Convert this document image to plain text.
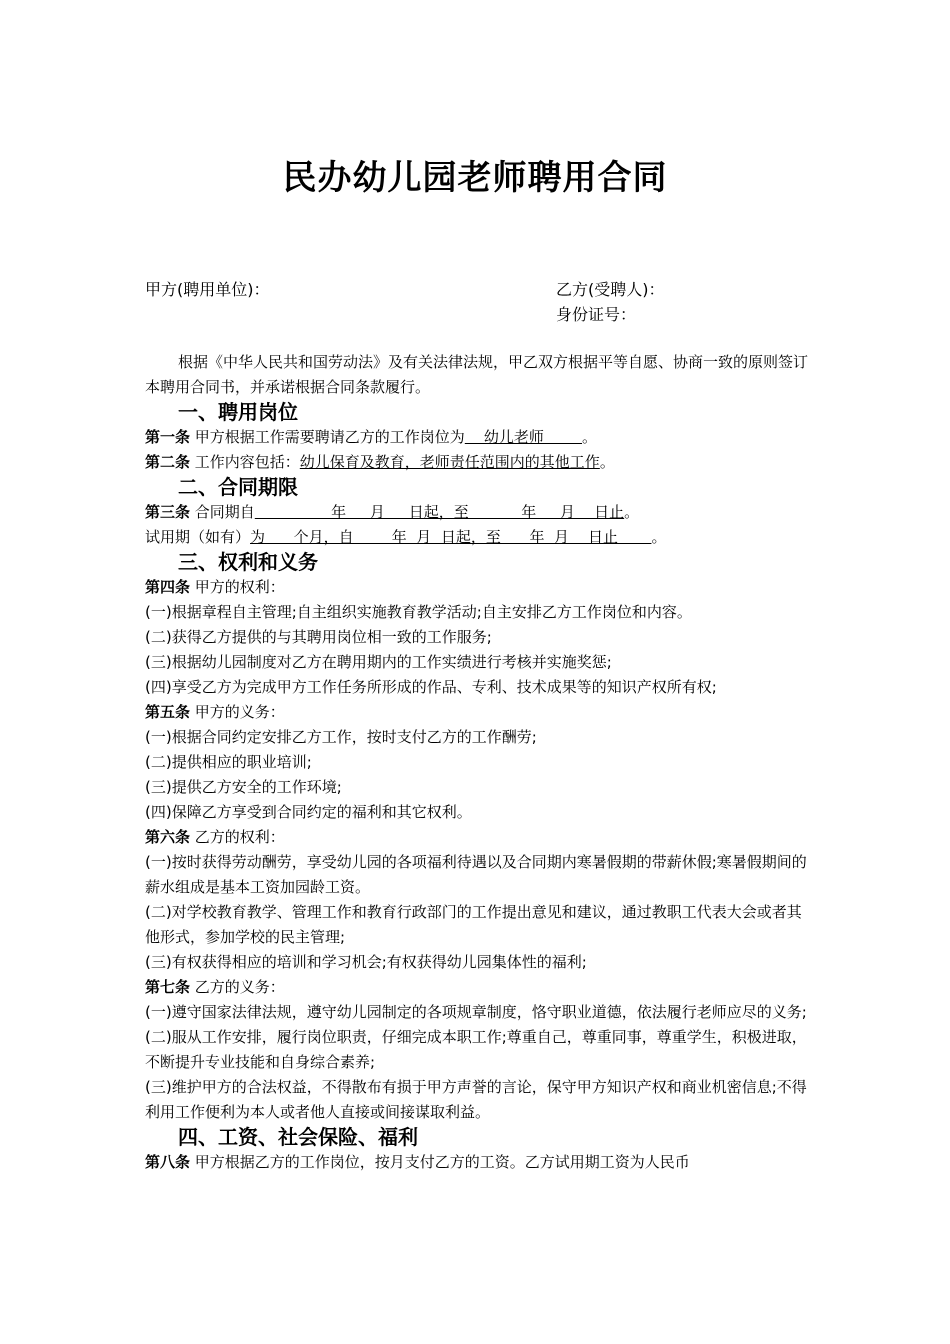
民办幼儿园老师聘用合同
甲方(聘用单位)：	乙方(受聘人)：
身份证号：
根据《中华人民共和国劳动法》及有关法律法规，甲乙双方根据平等自愿、协商一致的原则签订本聘用合同书，并承诺根据合同条款履行。
一、聘用岗位
第一条 甲方根据工作需要聘请乙方的工作岗位为    幼儿老师        。
第二条 工作内容包括：幼儿保育及教育，老师责任范围内的其他工作。
二、合同期限
第三条 合同期自                年     月     日起，至           年     月    日止。
试用期（如有）为      个月，自        年  月  日起，至      年  月    日止       。
三、权利和义务
第四条 甲方的权利：
(一)根据章程自主管理;自主组织实施教育教学活动;自主安排乙方工作岗位和内容。
(二)获得乙方提供的与其聘用岗位相一致的工作服务;
(三)根据幼儿园制度对乙方在聘用期内的工作实绩进行考核并实施奖惩;
(四)享受乙方为完成甲方工作任务所形成的作品、专利、技术成果等的知识产权所有权;
第五条 甲方的义务：
(一)根据合同约定安排乙方工作，按时支付乙方的工作酬劳;
(二)提供相应的职业培训;
(三)提供乙方安全的工作环境;
(四)保障乙方享受到合同约定的福利和其它权利。
第六条 乙方的权利：
(一)按时获得劳动酬劳，享受幼儿园的各项福利待遇以及合同期内寒暑假期的带薪休假;寒暑假期间的薪水组成是基本工资加园龄工资。
(二)对学校教育教学、管理工作和教育行政部门的工作提出意见和建议，通过教职工代表大会或者其他形式，参加学校的民主管理;
(三)有权获得相应的培训和学习机会;有权获得幼儿园集体性的福利;
第七条 乙方的义务：
(一)遵守国家法律法规，遵守幼儿园制定的各项规章制度，恪守职业道德，依法履行老师应尽的义务;
(二)服从工作安排，履行岗位职责，仔细完成本职工作;尊重自己，尊重同事，尊重学生，积极进取，不断提升专业技能和自身综合素养;
(三)维护甲方的合法权益，不得散布有损于甲方声誉的言论，保守甲方知识产权和商业机密信息;不得利用工作便利为本人或者他人直接或间接谋取利益。
四、工资、社会保险、福利
第八条 甲方根据乙方的工作岗位，按月支付乙方的工资。乙方试用期工资为人民币
